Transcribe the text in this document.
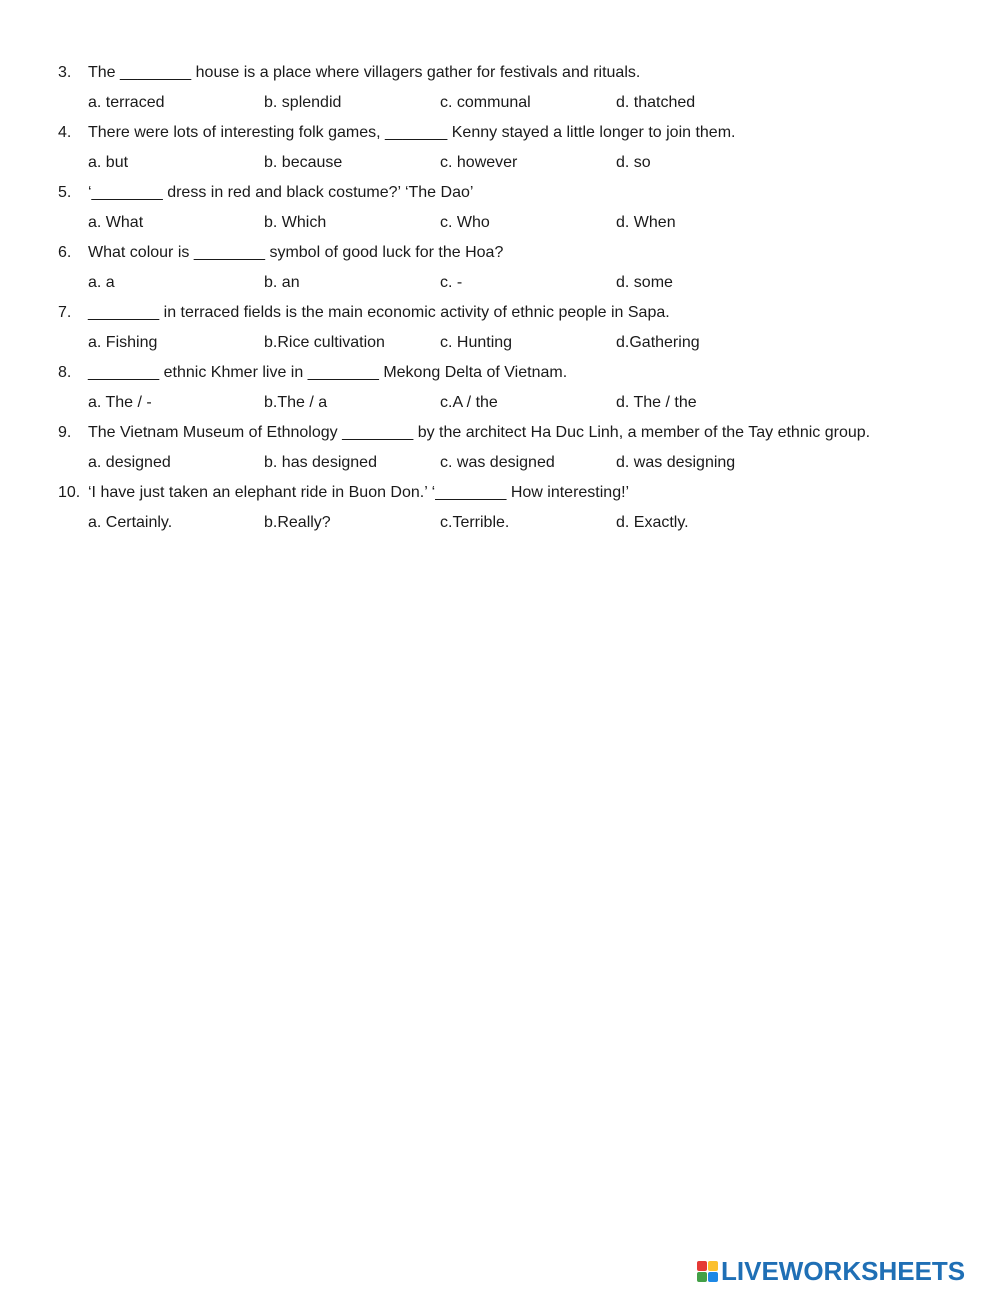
3.	The ________ house is a place where villagers gather for festivals and rituals.
a. terraced	b. splendid	c. communal	d. thatched
4.	There were lots of interesting folk games, _______ Kenny stayed a little longer to join them.
a. but	b. because	c. however	d. so
5.	‘________ dress in red and black costume?’ ‘The Dao’
a. What	b. Which	c. Who	d. When
6.	What colour is ________ symbol of good luck for the Hoa?
a. a	b. an	c. -	d. some
7.	________ in terraced fields is the main economic activity of ethnic people in Sapa.
a. Fishing	b.Rice cultivation	c. Hunting	d.Gathering
8.	________ ethnic Khmer live in ________ Mekong Delta of Vietnam.
a. The / -	b.The / a	c.A / the	d. The / the
9.	The Vietnam Museum of Ethnology ________ by the architect Ha Duc Linh, a member of the Tay ethnic group.
a. designed	b. has designed	c. was designed	d. was designing
10. ‘I have just taken an elephant ride in Buon Don.’ ‘________ How interesting!’
a. Certainly.	b.Really?	c.Terrible.	d. Exactly.
LIVEWORKSHEETS
